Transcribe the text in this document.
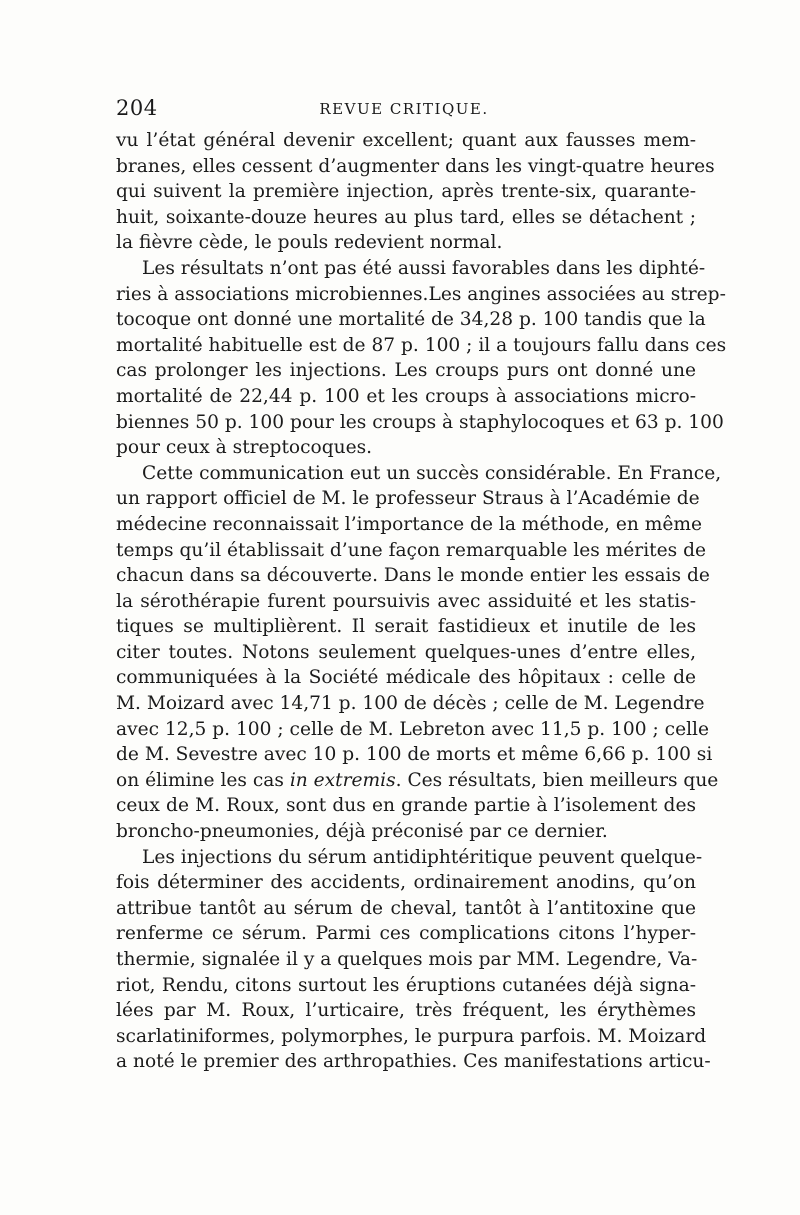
204	REVUE CRITIQUE.

vu l’état général devenir excellent; quant aux fausses mem-
branes, elles cessent d’augmenter dans les vingt-quatre heures
qui suivent la première injection, après trente-six, quarante-
huit, soixante-douze heures au plus tard, elles se détachent ;
la fièvre cède, le pouls redevient normal.

Les résultats n’ont pas été aussi favorables dans les diphté-
ries à associations microbiennes.Les angines associées au strep-
tocoque ont donné une mortalité de 34,28 p. 100 tandis que la
mortalité habituelle est de 87 p. 100 ; il a toujours fallu dans ces
cas prolonger les injections. Les croups purs ont donné une
mortalité de 22,44 p. 100 et les croups à associations micro-
biennes 50 p. 100 pour les croups à staphylocoques et 63 p. 100
pour ceux à streptocoques.

Cette communication eut un succès considérable. En France,
un rapport officiel de M. le professeur Straus à l’Académie de
médecine reconnaissait l’importance de la méthode, en même
temps qu’il établissait d’une façon remarquable les mérites de
chacun dans sa découverte. Dans le monde entier les essais de
la sérothérapie furent poursuivis avec assiduité et les statis-
tiques se multiplièrent. Il serait fastidieux et inutile de les
citer toutes. Notons seulement quelques-unes d’entre elles,
communiquées à la Société médicale des hôpitaux : celle de
M. Moizard avec 14,71 p. 100 de décès ; celle de M. Legendre
avec 12,5 p. 100 ; celle de M. Lebreton avec 11,5 p. 100 ; celle
de M. Sevestre avec 10 p. 100 de morts et même 6,66 p. 100 si
on élimine les cas in extremis. Ces résultats, bien meilleurs que
ceux de M. Roux, sont dus en grande partie à l’isolement des
broncho-pneumonies, déjà préconisé par ce dernier.

Les injections du sérum antidiphtéritique peuvent quelque-
fois déterminer des accidents, ordinairement anodins, qu’on
attribue tantôt au sérum de cheval, tantôt à l’antitoxine que
renferme ce sérum. Parmi ces complications citons l’hyper-
thermie, signalée il y a quelques mois par MM. Legendre, Va-
riot, Rendu, citons surtout les éruptions cutanées déjà signa-
lées par M. Roux, l’urticaire, très fréquent, les érythèmes
scarlatiniformes, polymorphes, le purpura parfois. M. Moizard
a noté le premier des arthropathies. Ces manifestations articu-
